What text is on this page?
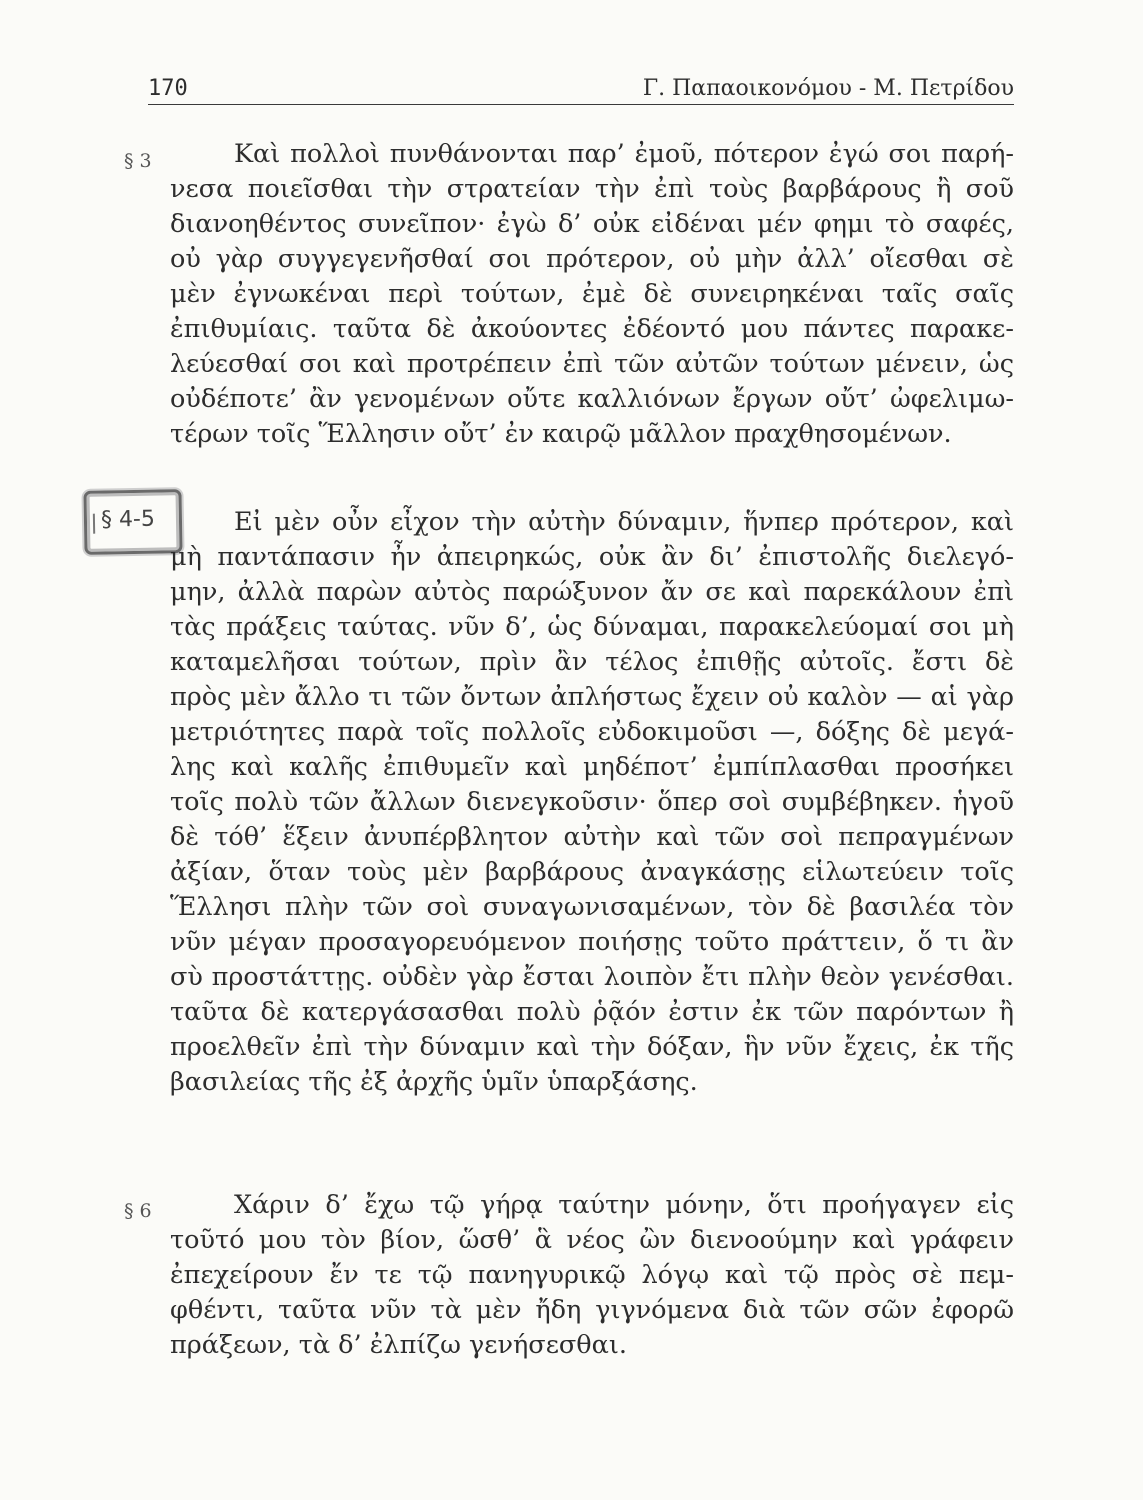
170	Γ. Παπαοικονόμου - Μ. Πετρίδου
§ 3
§ 4-5
§ 6
Καὶ πολλοὶ πυνθάνονται παρ’ ἐμοῦ, πότερον ἐγώ σοι παρή-
νεσα ποιεῖσθαι τὴν στρατείαν τὴν ἐπὶ τοὺς βαρβάρους ἢ σοῦ
διανοηθέντος συνεῖπον· ἐγὼ δ’ οὐκ εἰδέναι μέν φημι τὸ σαφές,
οὐ γὰρ συγγεγενῆσθαί σοι πρότερον, οὐ μὴν ἀλλ’ οἴεσθαι σὲ
μὲν ἐγνωκέναι περὶ τούτων, ἐμὲ δὲ συνειρηκέναι ταῖς σαῖς
ἐπιθυμίαις. ταῦτα δὲ ἀκούοντες ἐδέοντό μου πάντες παρακε-
λεύεσθαί σοι καὶ προτρέπειν ἐπὶ τῶν αὐτῶν τούτων μένειν, ὡς
οὐδέποτε’ ἂν γενομένων οὔτε καλλιόνων ἔργων οὔτ’ ὠφελιμω-
τέρων τοῖς Ἕλλησιν οὔτ’ ἐν καιρῷ μᾶλλον πραχθησομένων.
Εἰ μὲν οὖν εἶχον τὴν αὐτὴν δύναμιν, ἥνπερ πρότερον, καὶ
μὴ παντάπασιν ἦν ἀπειρηκώς, οὐκ ἂν δι’ ἐπιστολῆς διελεγό-
μην, ἀλλὰ παρὼν αὐτὸς παρώξυνον ἄν σε καὶ παρεκάλουν ἐπὶ
τὰς πράξεις ταύτας. νῦν δ’, ὡς δύναμαι, παρακελεύομαί σοι μὴ
καταμελῆσαι τούτων, πρὶν ἂν τέλος ἐπιθῇς αὐτοῖς. ἔστι δὲ
πρὸς μὲν ἄλλο τι τῶν ὄντων ἀπλήστως ἔχειν οὐ καλὸν — αἱ γὰρ
μετριότητες παρὰ τοῖς πολλοῖς εὐδοκιμοῦσι —, δόξης δὲ μεγά-
λης καὶ καλῆς ἐπιθυμεῖν καὶ μηδέποτ’ ἐμπίπλασθαι προσήκει
τοῖς πολὺ τῶν ἄλλων διενεγκοῦσιν· ὅπερ σοὶ συμβέβηκεν. ἡγοῦ
δὲ τόθ’ ἕξειν ἀνυπέρβλητον αὐτὴν καὶ τῶν σοὶ πεπραγμένων
ἀξίαν, ὅταν τοὺς μὲν βαρβάρους ἀναγκάσῃς εἱλωτεύειν τοῖς
Ἕλλησι πλὴν τῶν σοὶ συναγωνισαμένων, τὸν δὲ βασιλέα τὸν
νῦν μέγαν προσαγορευόμενον ποιήσῃς τοῦτο πράττειν, ὅ τι ἂν
σὺ προστάττῃς. οὐδὲν γὰρ ἔσται λοιπὸν ἔτι πλὴν θεὸν γενέσθαι.
ταῦτα δὲ κατεργάσασθαι πολὺ ῥᾷόν ἐστιν ἐκ τῶν παρόντων ἢ
προελθεῖν ἐπὶ τὴν δύναμιν καὶ τὴν δόξαν, ἣν νῦν ἔχεις, ἐκ τῆς
βασιλείας τῆς ἐξ ἀρχῆς ὑμῖν ὑπαρξάσης.
Χάριν δ’ ἔχω τῷ γήρᾳ ταύτην μόνην, ὅτι προήγαγεν εἰς
τοῦτό μου τὸν βίον, ὥσθ’ ἃ νέος ὢν διενοούμην καὶ γράφειν
ἐπεχείρουν ἔν τε τῷ πανηγυρικῷ λόγῳ καὶ τῷ πρὸς σὲ πεμ-
φθέντι, ταῦτα νῦν τὰ μὲν ἤδη γιγνόμενα διὰ τῶν σῶν ἐφορῶ
πράξεων, τὰ δ’ ἐλπίζω γενήσεσθαι.
